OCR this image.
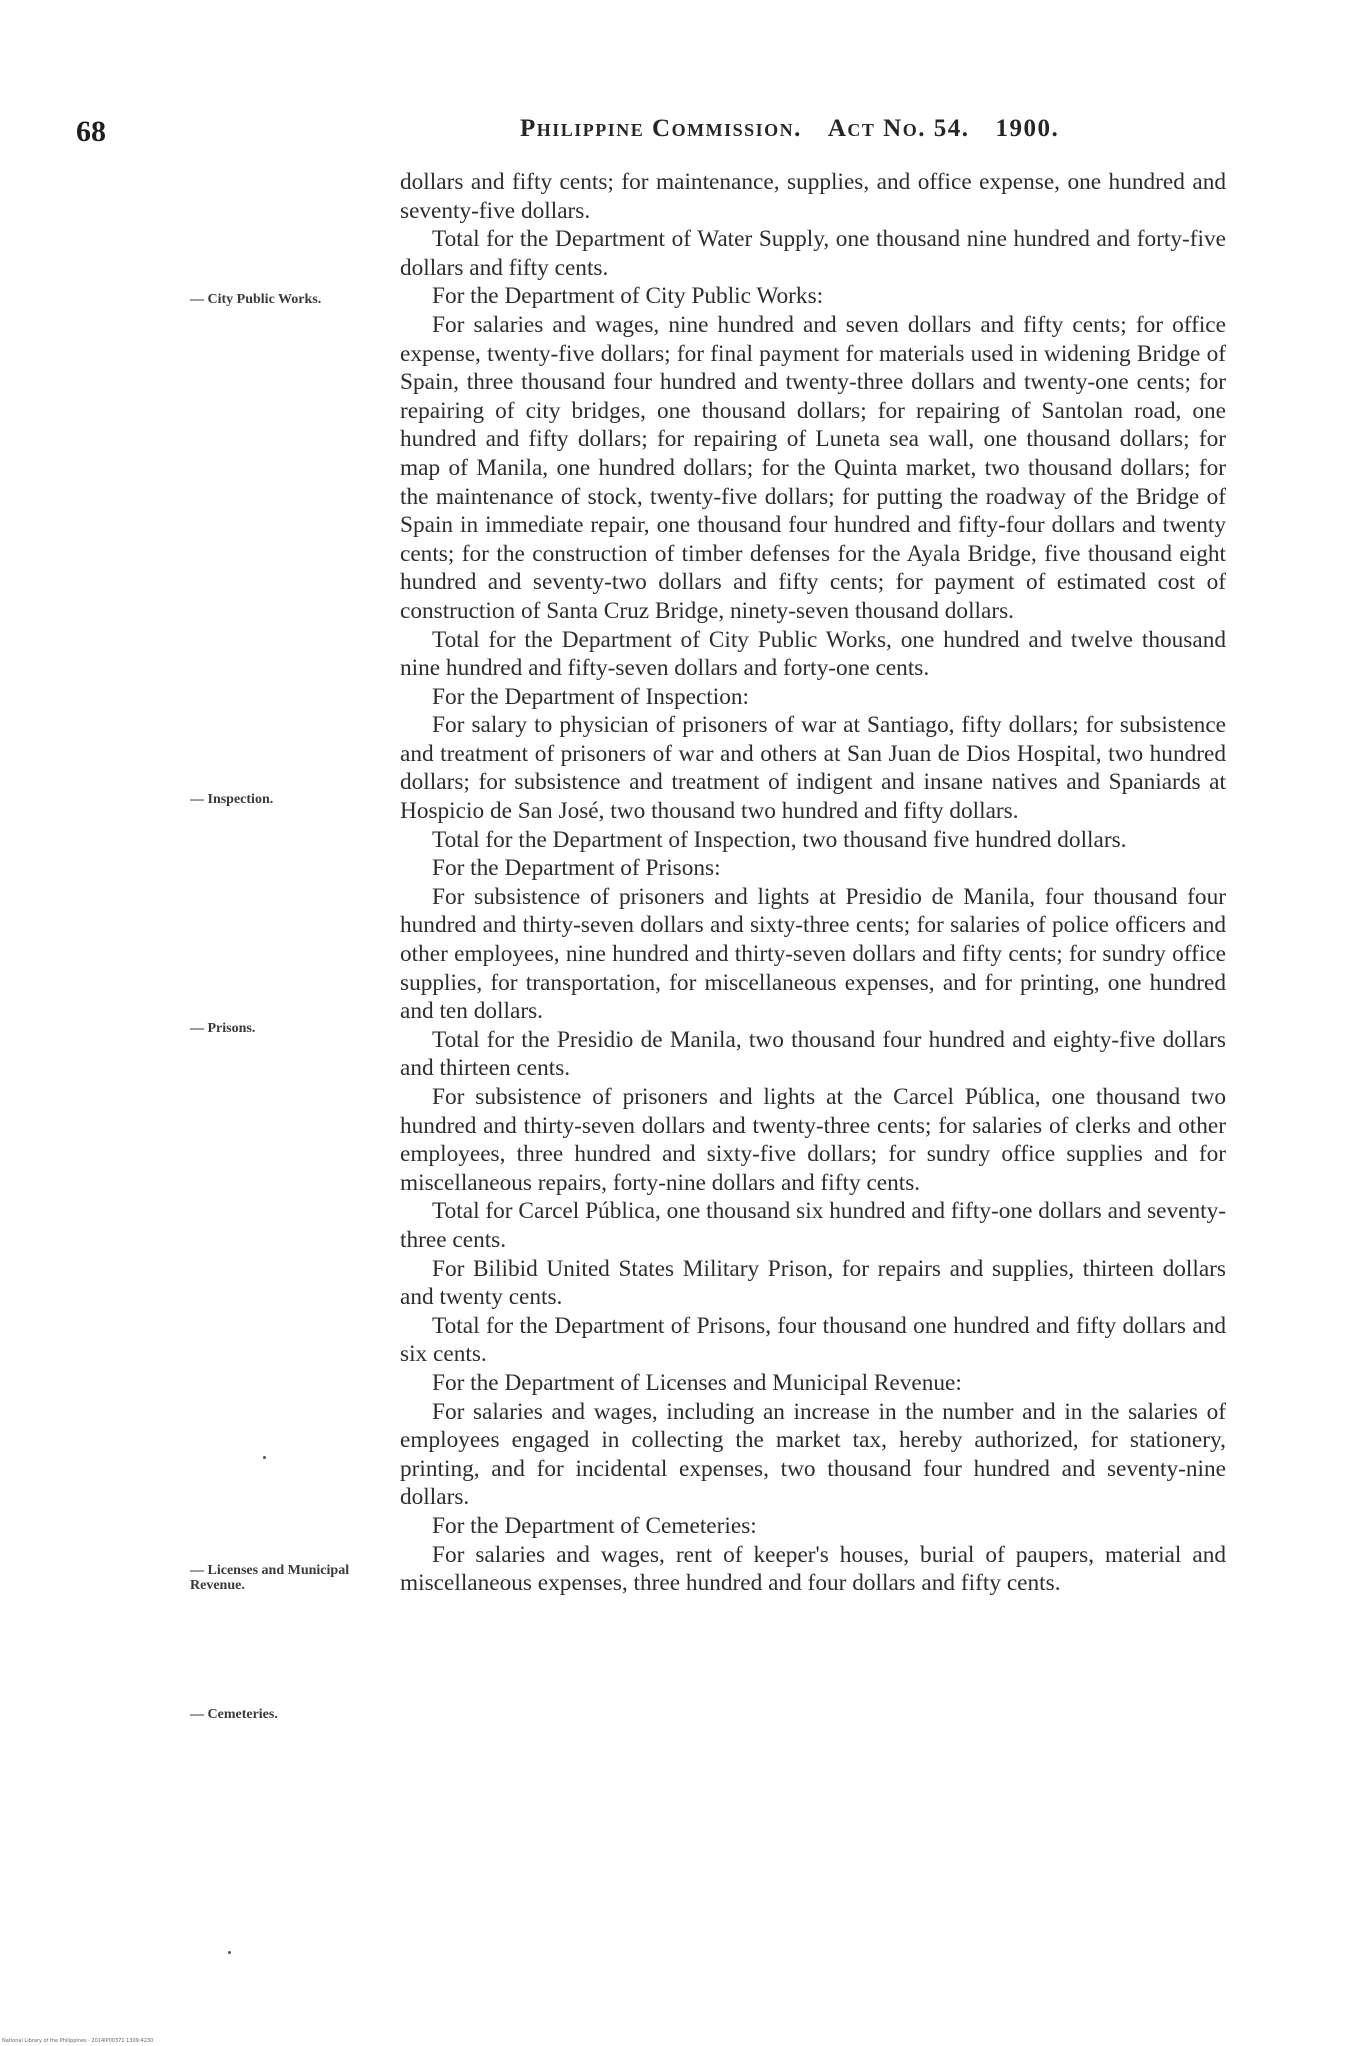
68	Philippine Commission. Act No. 54. 1900.
— City Public Works.
— Inspection.
— Prisons.
— Licenses and Municipal Revenue.
— Cemeteries.

dollars and fifty cents; for maintenance, supplies, and office expense, one hundred and seventy-five dollars.

Total for the Department of Water Supply, one thousand nine hundred and forty-five dollars and fifty cents.

For the Department of City Public Works:

For salaries and wages, nine hundred and seven dollars and fifty cents; for office expense, twenty-five dollars; for final payment for materials used in widening Bridge of Spain, three thousand four hundred and twenty-three dollars and twenty-one cents; for repairing of city bridges, one thousand dollars; for repairing of Santolan road, one hundred and fifty dollars; for repairing of Luneta sea wall, one thousand dollars; for map of Manila, one hundred dollars; for the Quinta market, two thousand dollars; for the maintenance of stock, twenty-five dollars; for putting the roadway of the Bridge of Spain in immediate repair, one thousand four hundred and fifty-four dollars and twenty cents; for the construction of timber defenses for the Ayala Bridge, five thousand eight hundred and seventy-two dollars and fifty cents; for payment of estimated cost of construction of Santa Cruz Bridge, ninety-seven thousand dollars.

Total for the Department of City Public Works, one hundred and twelve thousand nine hundred and fifty-seven dollars and forty-one cents.

For the Department of Inspection:

For salary to physician of prisoners of war at Santiago, fifty dollars; for subsistence and treatment of prisoners of war and others at San Juan de Dios Hospital, two hundred dollars; for subsistence and treatment of indigent and insane natives and Spaniards at Hospicio de San José, two thousand two hundred and fifty dollars.

Total for the Department of Inspection, two thousand five hundred dollars.

For the Department of Prisons:

For subsistence of prisoners and lights at Presidio de Manila, four thousand four hundred and thirty-seven dollars and sixty-three cents; for salaries of police officers and other employees, nine hundred and thirty-seven dollars and fifty cents; for sundry office supplies, for transportation, for miscellaneous expenses, and for printing, one hundred and ten dollars.

Total for the Presidio de Manila, two thousand four hundred and eighty-five dollars and thirteen cents.

For subsistence of prisoners and lights at the Carcel Pública, one thousand two hundred and thirty-seven dollars and twenty-three cents; for salaries of clerks and other employees, three hundred and sixty-five dollars; for sundry office supplies and for miscellaneous repairs, forty-nine dollars and fifty cents.

Total for Carcel Pública, one thousand six hundred and fifty-one dollars and seventy-three cents.

For Bilibid United States Military Prison, for repairs and supplies, thirteen dollars and twenty cents.

Total for the Department of Prisons, four thousand one hundred and fifty dollars and six cents.

For the Department of Licenses and Municipal Revenue:

For salaries and wages, including an increase in the number and in the salaries of employees engaged in collecting the market tax, hereby authorized, for stationery, printing, and for incidental expenses, two thousand four hundred and seventy-nine dollars.

For the Department of Cemeteries:

For salaries and wages, rent of keeper's houses, burial of paupers, material and miscellaneous expenses, three hundred and four dollars and fifty cents.

National Library of the Philippines · 2014IP00371 1309:4230
